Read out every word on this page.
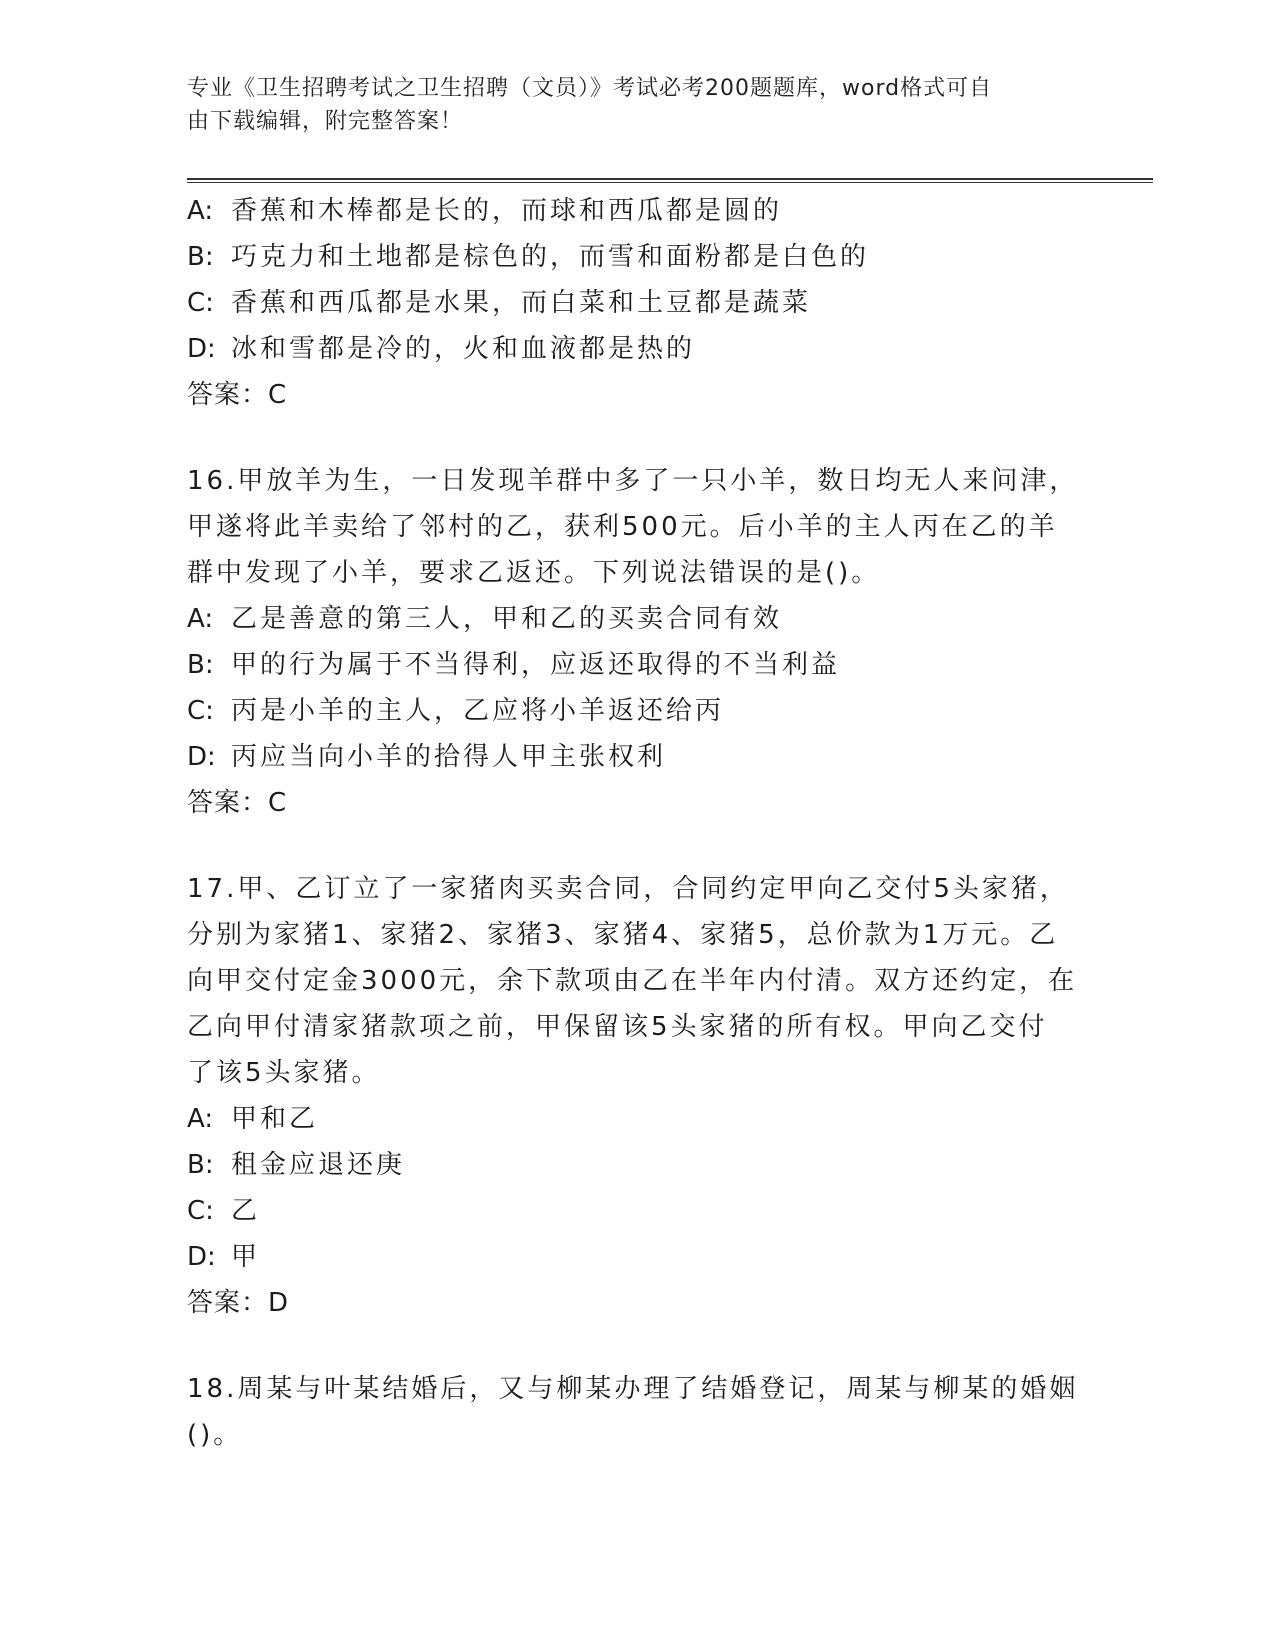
专业《卫生招聘考试之卫生招聘（文员）》考试必考200题题库，word格式可自
由下载编辑，附完整答案！
A: 香蕉和木棒都是长的，而球和西瓜都是圆的
B: 巧克力和土地都是棕色的，而雪和面粉都是白色的
C: 香蕉和西瓜都是水果，而白菜和土豆都是蔬菜
D: 冰和雪都是冷的，火和血液都是热的
答案：C
16.甲放羊为生，一日发现羊群中多了一只小羊，数日均无人来问津，
甲遂将此羊卖给了邻村的乙，获利500元。后小羊的主人丙在乙的羊
群中发现了小羊，要求乙返还。下列说法错误的是()。
A: 乙是善意的第三人，甲和乙的买卖合同有效
B: 甲的行为属于不当得利，应返还取得的不当利益
C: 丙是小羊的主人，乙应将小羊返还给丙
D: 丙应当向小羊的拾得人甲主张权利
答案：C
17.甲、乙订立了一家猪肉买卖合同，合同约定甲向乙交付5头家猪，
分别为家猪1、家猪2、家猪3、家猪4、家猪5，总价款为1万元。乙
向甲交付定金3000元，余下款项由乙在半年内付清。双方还约定，在
乙向甲付清家猪款项之前，甲保留该5头家猪的所有权。甲向乙交付
了该5头家猪。
A: 甲和乙
B: 租金应退还庚
C: 乙
D: 甲
答案：D
18.周某与叶某结婚后，又与柳某办理了结婚登记，周某与柳某的婚姻
()。
